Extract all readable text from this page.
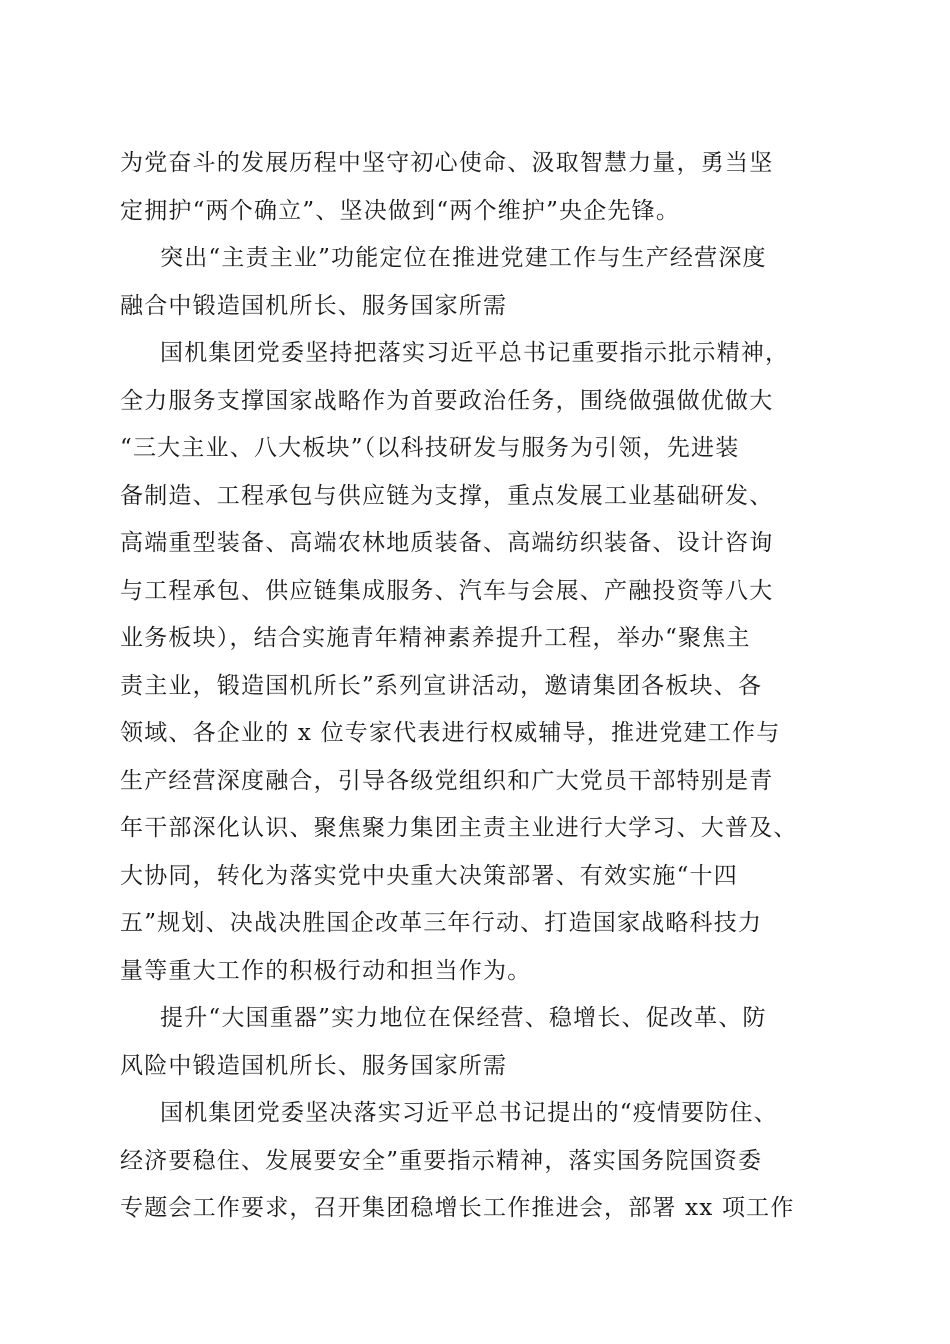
为党奋斗的发展历程中坚守初心使命、汲取智慧力量，勇当坚
定拥护“两个确立”、坚决做到“两个维护”央企先锋。
突出“主责主业”功能定位在推进党建工作与生产经营深度
融合中锻造国机所长、服务国家所需
国机集团党委坚持把落实习近平总书记重要指示批示精神，
全力服务支撑国家战略作为首要政治任务，围绕做强做优做大
“三大主业、八大板块”（以科技研发与服务为引领，先进装
备制造、工程承包与供应链为支撑，重点发展工业基础研发、
高端重型装备、高端农林地质装备、高端纺织装备、设计咨询
与工程承包、供应链集成服务、汽车与会展、产融投资等八大
业务板块），结合实施青年精神素养提升工程，举办“聚焦主
责主业，锻造国机所长”系列宣讲活动，邀请集团各板块、各
领域、各企业的 x 位专家代表进行权威辅导，推进党建工作与
生产经营深度融合，引导各级党组织和广大党员干部特别是青
年干部深化认识、聚焦聚力集团主责主业进行大学习、大普及、
大协同，转化为落实党中央重大决策部署、有效实施“十四
五”规划、决战决胜国企改革三年行动、打造国家战略科技力
量等重大工作的积极行动和担当作为。
提升“大国重器”实力地位在保经营、稳增长、促改革、防
风险中锻造国机所长、服务国家所需
国机集团党委坚决落实习近平总书记提出的“疫情要防住、
经济要稳住、发展要安全”重要指示精神，落实国务院国资委
专题会工作要求，召开集团稳增长工作推进会，部署 xx 项工作
